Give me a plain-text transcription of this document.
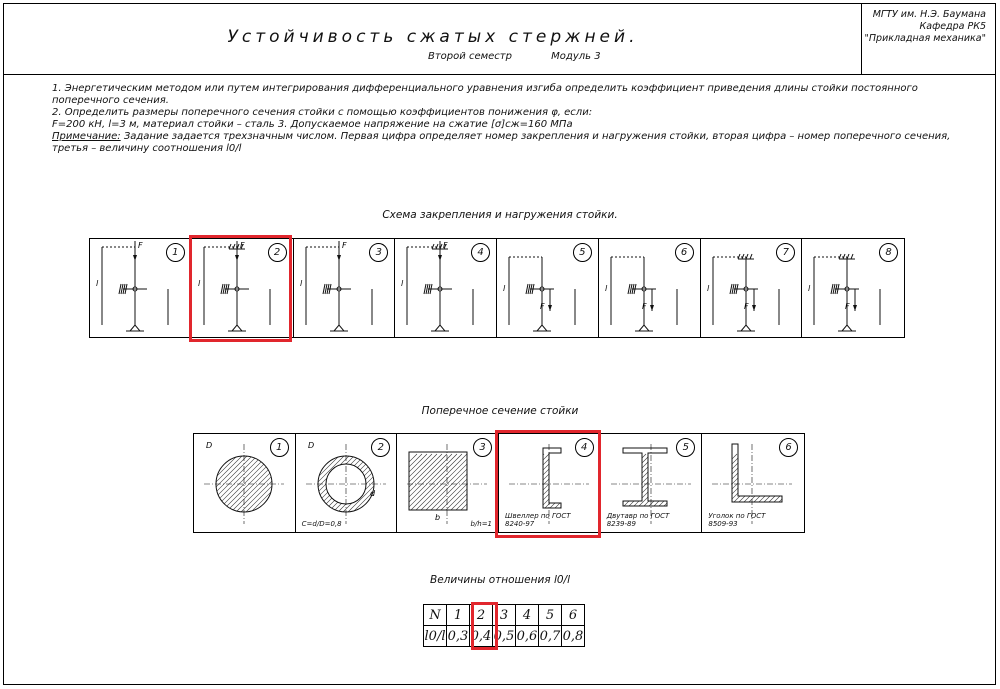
Устойчивость сжатых стержней.
Второй семестр	Модуль 3
МГТУ им. Н.Э. Баумана
Кафедра РК5
"Прикладная механика"

1. Энергетическим методом или путем интегрирования дифференциального уравнения изгиба определить коэффициент приведения длины стойки постоянного поперечного сечения.

2. Определить размеры поперечного сечения стойки с помощью коэффициентов понижения φ, если:

F=200 кН, l=3 м, материал стойки – сталь 3. Допускаемое напряжение на сжатие [σ]сж=160 МПа

Примечание: Задание задается трехзначным числом. Первая цифра определяет номер закрепления и нагружения стойки, вторая цифра – номер поперечного сечения, третья – величину соотношения l0/l

Схема закрепления и нагружения стойки.
l
F
1
l
F
2
l
F
3
l
F
4
l
F
5
l
F
6
l
F
7
l
F
8
Поперечное сечение стойки
D	1	D
d
2
C=d/D=0,8
b
3
b/h=1
4
Швеллер по ГОСТ 8240-97
5
Двутавр по ГОСТ 8239-89
6
Уголок по ГОСТ 8509-93
Величины отношения l0/l
N	1	2	3	4	5	6
l0/l	0,3	0,4	0,5	0,6	0,7	0,8
